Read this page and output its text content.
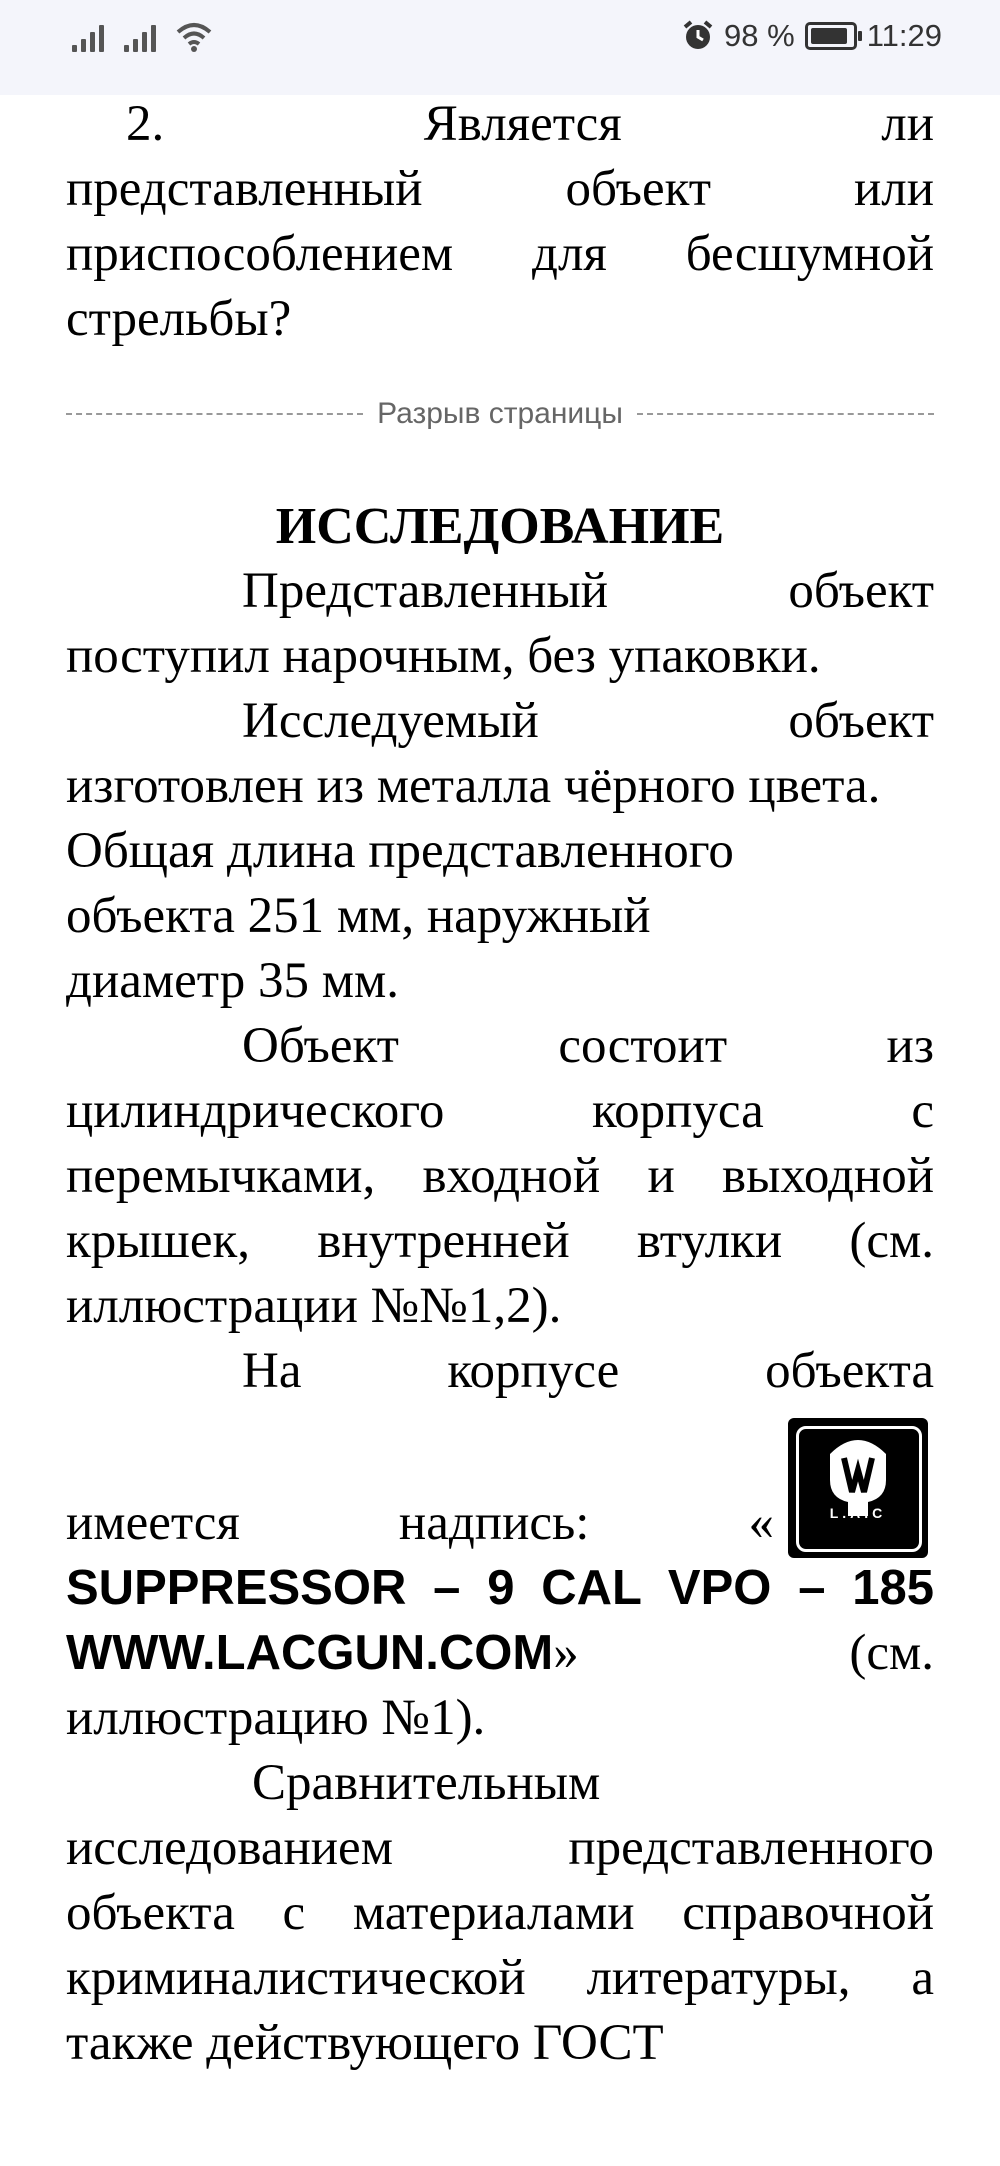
98 % 11:29

2.	Является	ли

представленный объект или приспособлением для бесшумной стрельбы?

Разрыв страницы

ИССЛЕДОВАНИЕ

Представленный объект поступил нарочным, без упаковки.

Исследуемый объект изготовлен из металла чёрного цвета.

Общая длина представленного

объекта 251 мм, наружный

диаметр 35 мм.

Объект состоит из цилиндрического корпуса с перемычками, входной и выходной крышек, внутренней втулки (см. иллюстрации №№1,2).

На корпусе объекта

имеется надпись: «	L.A.C

SUPPRESSOR – 9 CAL VPO – 185

WWW.LACGUN.COM»	(см.

иллюстрацию №1).

Сравнительным

исследованием представленного объекта с материалами справочной криминалистической литературы, а также действующего ГОСТ
